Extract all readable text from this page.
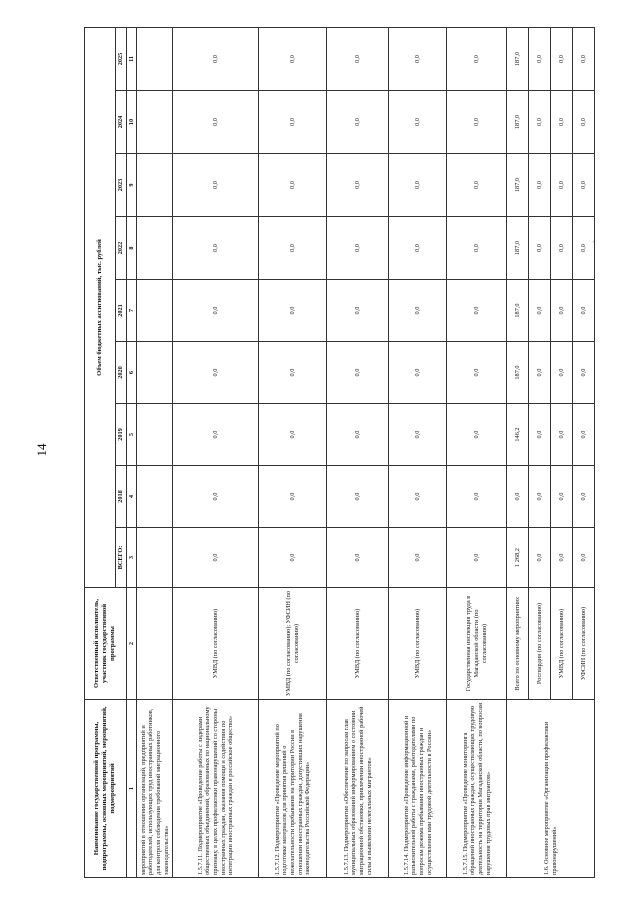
14
·
Наименование государственной программы, подпрограммы, основных мероприятий, мероприятий, подмероприятий	Ответственный исполнитель, участник государственной программы	Объем бюджетных ассигнований, тыс. рублей								
		ВСЕГО:	2018	2019	2020	2021	2022	2023	2024	2025
1	2	3	4	5	6	7	8	9	10	11
мероприятий в отношении организаций, предприятий и работодателей, использующих труд иностранных работников, для контроля соблюдения требований миграционного законодательства»										
1.5.7.11. Подмероприятие «Проведение работы с лидерами общественных объединений, образованных по национальному признаку, в целях профилактики правонарушений со стороны иностранных граждан, оказания помощи и содействия по интеграции иностранных граждан в российское общество»	УМВД (по согласованию)	0,0	0,0	0,0	0,0	0,0	0,0	0,0	0,0	0,0
1.5.7.12. Подмероприятие «Проведение мероприятий по подготовке материалов для принятия решений о нежелательности пребывания на территории России в отношении иностранных граждан, допустивших нарушения законодательства Российской Федерации»	УМВД (по согласованию); УФСИН (по согласованию)	0,0	0,0	0,0	0,0	0,0	0,0	0,0	0,0	0,0
1.5.7.13. Подмероприятие «Обеспечение по запросам глав муниципальных образований информированием о состоянии миграционной обстановки, привлечении иностранной рабочей силы и выявлении нелегальных мигрантов»	УМВД (по согласованию)	0,0	0,0	0,0	0,0	0,0	0,0	0,0	0,0	0,0
1.5.7.14. Подмероприятие «Проведение информационной и разъяснительной работы с гражданами, работодателями по вопросам режима пребывания иностранных граждан и осуществления ими трудовой деятельности в России»	УМВД (по согласованию)	0,0	0,0	0,0	0,0	0,0	0,0	0,0	0,0	0,0
1.5.7.15. Подмероприятие «Проведение мониторинга обращений иностранных граждан, осуществляющих трудовую деятельность на территории Магаданской области, по вопросам нарушения трудовых прав мигрантов»	Государственная инспекция труда в Магаданской области (по согласованию)	0,0	0,0	0,0	0,0	0,0	0,0	0,0	0,0	0,0
1.6. Основное мероприятие «Организация профилактики правонарушений»	Всего по основному мероприятию:	1 268,2	0,0	146,2	187,0	187,0	187,0	187,0	187,0	187,0
	Росгвардия (по согласованию)	0,0	0,0	0,0	0,0	0,0	0,0	0,0	0,0	0,0
	УМВД (по согласованию)	0,0	0,0	0,0	0,0	0,0	0,0	0,0	0,0	0,0
	УФСИН (по согласованию)	0,0	0,0	0,0	0,0	0,0	0,0	0,0	0,0	0,0
